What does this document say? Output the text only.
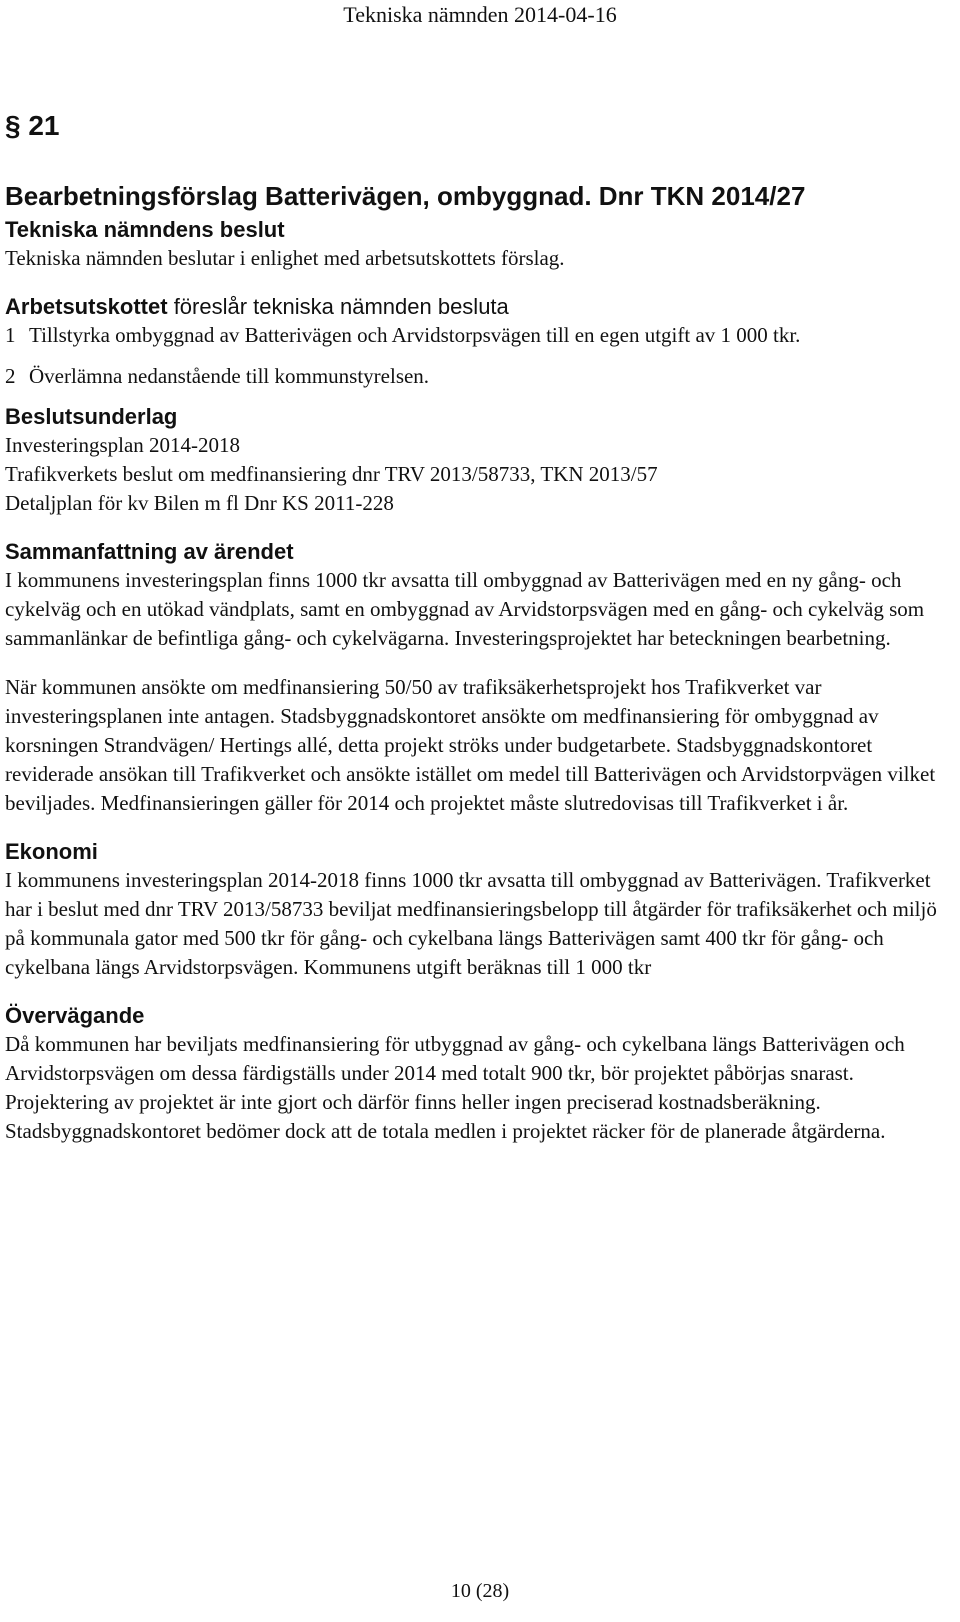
Tekniska nämnden 2014-04-16
§ 21
Bearbetningsförslag Batterivägen, ombyggnad. Dnr TKN 2014/27
Tekniska nämndens beslut
Tekniska nämnden beslutar i enlighet med arbetsutskottets förslag.
Arbetsutskottet föreslår tekniska nämnden besluta
1 Tillstyrka ombyggnad av Batterivägen och Arvidstorpsvägen till en egen utgift av 1 000 tkr.
2 Överlämna nedanstående till kommunstyrelsen.
Beslutsunderlag
Investeringsplan 2014-2018
Trafikverkets beslut om medfinansiering dnr TRV 2013/58733, TKN 2013/57
Detaljplan för kv Bilen m fl Dnr KS 2011-228
Sammanfattning av ärendet
I kommunens investeringsplan finns 1000 tkr avsatta till ombyggnad av Batterivägen med en ny gång- och cykelväg och en utökad vändplats, samt en ombyggnad av Arvidstorpsvägen med en gång- och cykelväg som sammanlänkar de befintliga gång- och cykelvägarna. Investeringsprojektet har beteckningen bearbetning.
När kommunen ansökte om medfinansiering 50/50 av trafiksäkerhetsprojekt hos Trafikverket var investeringsplanen inte antagen. Stadsbyggnadskontoret ansökte om medfinansiering för ombyggnad av korsningen Strandvägen/ Hertings allé, detta projekt ströks under budgetarbete. Stadsbyggnadskontoret reviderade ansökan till Trafikverket och ansökte istället om medel till Batterivägen och Arvidstorpvägen vilket beviljades. Medfinansieringen gäller för 2014 och projektet måste slutredovisas till Trafikverket i år.
Ekonomi
I kommunens investeringsplan 2014-2018 finns 1000 tkr avsatta till ombyggnad av Batterivägen. Trafikverket har i beslut med dnr TRV 2013/58733 beviljat medfinansieringsbelopp till åtgärder för trafiksäkerhet och miljö på kommunala gator med 500 tkr för gång- och cykelbana längs Batterivägen samt 400 tkr för gång- och cykelbana längs Arvidstorpsvägen. Kommunens utgift beräknas till 1 000 tkr
Övervägande
Då kommunen har beviljats medfinansiering för utbyggnad av gång- och cykelbana längs Batterivägen och Arvidstorpsvägen om dessa färdigställs under 2014 med totalt 900 tkr, bör projektet påbörjas snarast. Projektering av projektet är inte gjort och därför finns heller ingen preciserad kostnadsberäkning. Stadsbyggnadskontoret bedömer dock att de totala medlen i projektet räcker för de planerade åtgärderna.
10 (28)
